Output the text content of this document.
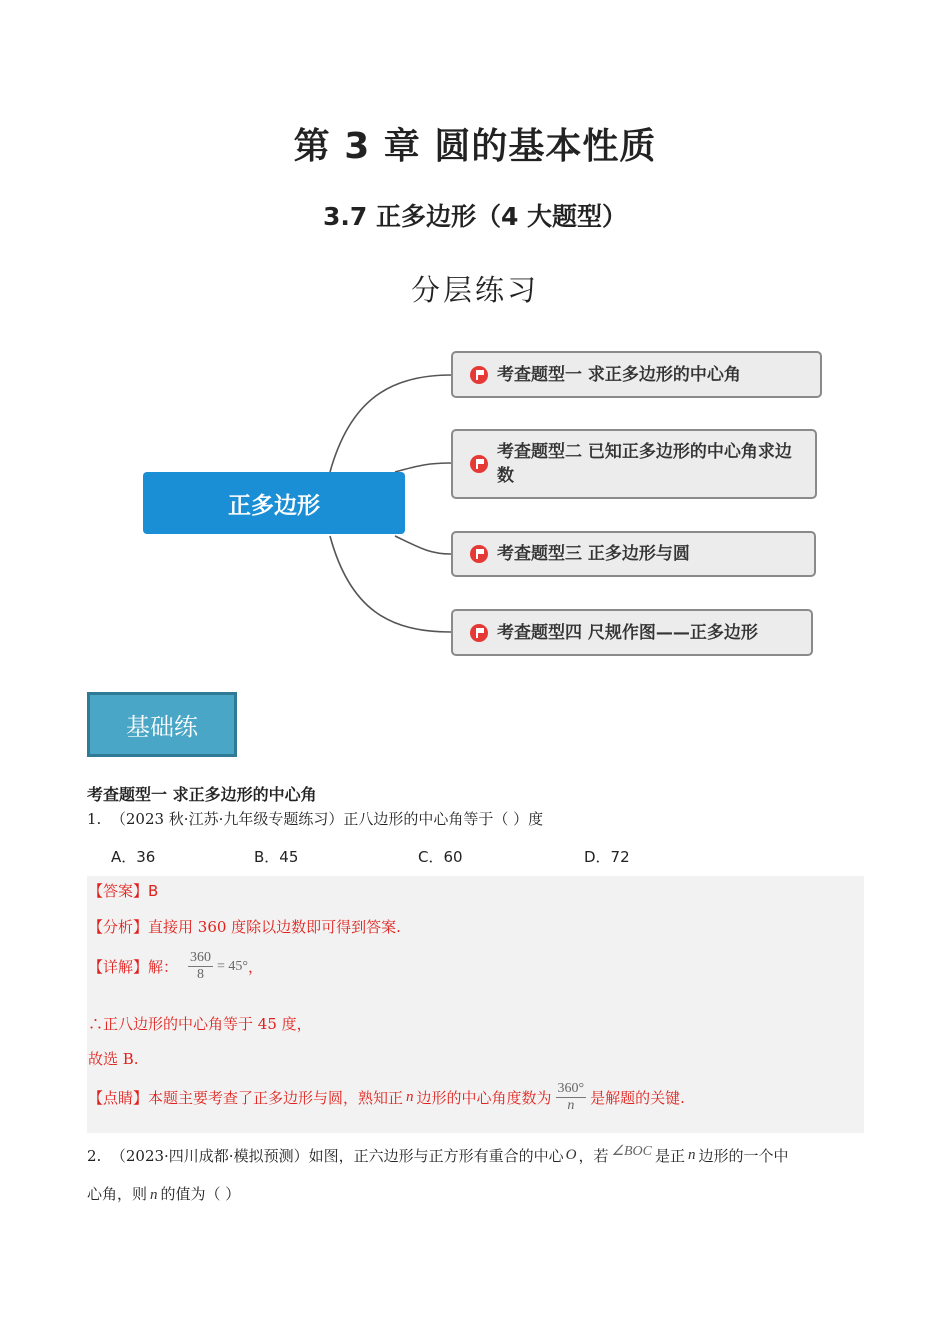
第 3 章 圆的基本性质
3.7 正多边形（4 大题型）
分层练习
正多边形
考查题型一 求正多边形的中心角
考查题型二 已知正多边形的中心角求边数
考查题型三 正多边形与圆
考查题型四 尺规作图——正多边形
基础练
考查题型一 求正多边形的中心角
1. （2023 秋·江苏·九年级专题练习）正八边形的中心角等于（ ）度
A．36	B．45	C．60	D．72
【答案】B
【分析】直接用 360 度除以边数即可得到答案.
【详解】 解： $\frac{360}{8} = 45^\circ$ ，
∴正八边形的中心角等于 45 度，
故选 B.
【点睛】 本题主要考查了正多边形与圆，熟知正 n 边形的中心角度数为 $\frac{360^\circ}{n}$ 是解题的关键.
2.
（2023·四川成都·模拟预测） 如图，正六边形与正方形有重合的中心 O ，若 ∠BOC 是正 n 边形的一个中
心角，则 n 的值为（ ）
